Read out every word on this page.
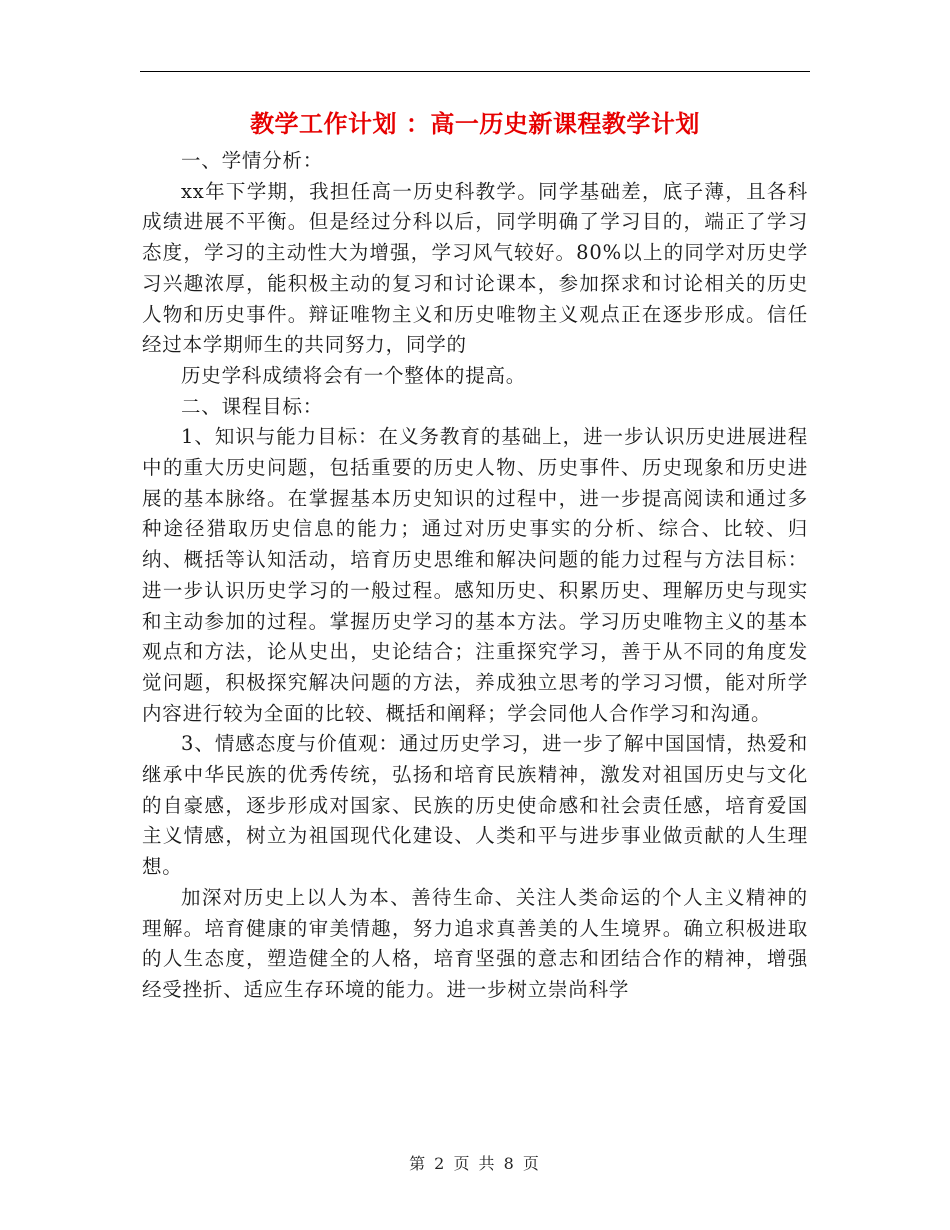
教学工作计划 ：高一历史新课程教学计划

一、学情分析：

xx年下学期，我担任高一历史科教学。同学基础差，底子薄，且各科成绩进展不平衡。但是经过分科以后，同学明确了学习目的，端正了学习态度，学习的主动性大为增强，学习风气较好。80%以上的同学对历史学习兴趣浓厚，能积极主动的复习和讨论课本，参加探求和讨论相关的历史人物和历史事件。辩证唯物主义和历史唯物主义观点正在逐步形成。信任经过本学期师生的共同努力，同学的

历史学科成绩将会有一个整体的提高。

二、课程目标：

1、知识与能力目标：在义务教育的基础上，进一步认识历史进展进程中的重大历史问题，包括重要的历史人物、历史事件、历史现象和历史进展的基本脉络。在掌握基本历史知识的过程中，进一步提高阅读和通过多种途径猎取历史信息的能力；通过对历史事实的分析、综合、比较、归纳、概括等认知活动，培育历史思维和解决问题的能力过程与方法目标：进一步认识历史学习的一般过程。感知历史、积累历史、理解历史与现实和主动参加的过程。掌握历史学习的基本方法。学习历史唯物主义的基本观点和方法，论从史出，史论结合；注重探究学习，善于从不同的角度发觉问题，积极探究解决问题的方法，养成独立思考的学习习惯，能对所学内容进行较为全面的比较、概括和阐释；学会同他人合作学习和沟通。

3、情感态度与价值观：通过历史学习，进一步了解中国国情，热爱和继承中华民族的优秀传统，弘扬和培育民族精神，激发对祖国历史与文化的自豪感，逐步形成对国家、民族的历史使命感和社会责任感，培育爱国主义情感，树立为祖国现代化建设、人类和平与进步事业做贡献的人生理想。

加深对历史上以人为本、善待生命、关注人类命运的个人主义精神的理解。培育健康的审美情趣，努力追求真善美的人生境界。确立积极进取的人生态度，塑造健全的人格，培育坚强的意志和团结合作的精神，增强经受挫折、适应生存环境的能力。进一步树立崇尚科学

第 2 页 共 8 页
